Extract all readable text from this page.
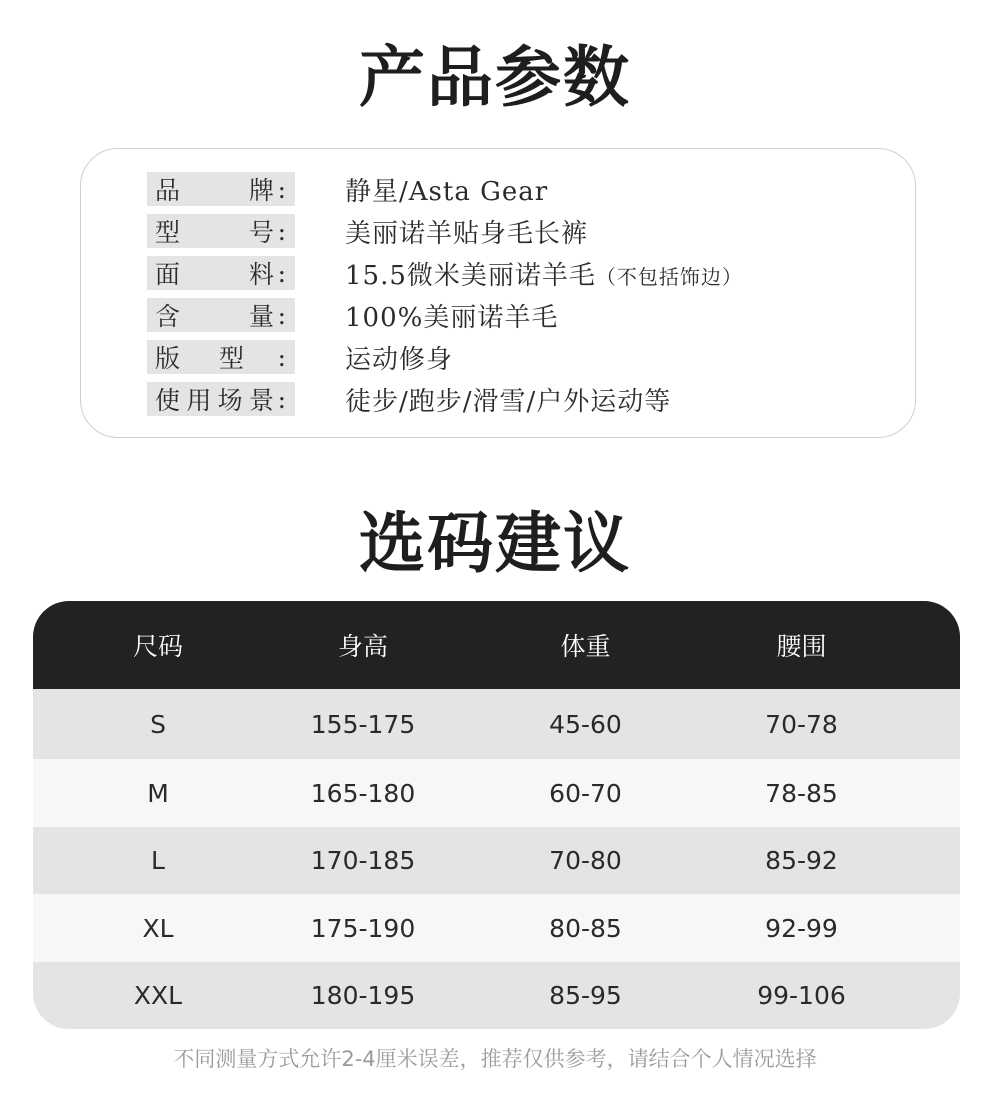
产品参数
品	牌 : 静星/Asta Gear
型	号 : 美丽诺羊贴身毛长裤
面	料 : 15.5微米美丽诺羊毛（不包括饰边）
含	量 : 100%美丽诺羊毛
版 型 : 运动修身
使 用 场 景 : 徒步/跑步/滑雪/户外运动等
选码建议
尺码	身高	体重	腰围
S	155-175	45-60	70-78
M	165-180	60-70	78-85
L	170-185	70-80	85-92
XL	175-190	80-85	92-99
XXL	180-195	85-95	99-106
不同测量方式允许2-4厘米误差，推荐仅供参考，请结合个人情况选择
